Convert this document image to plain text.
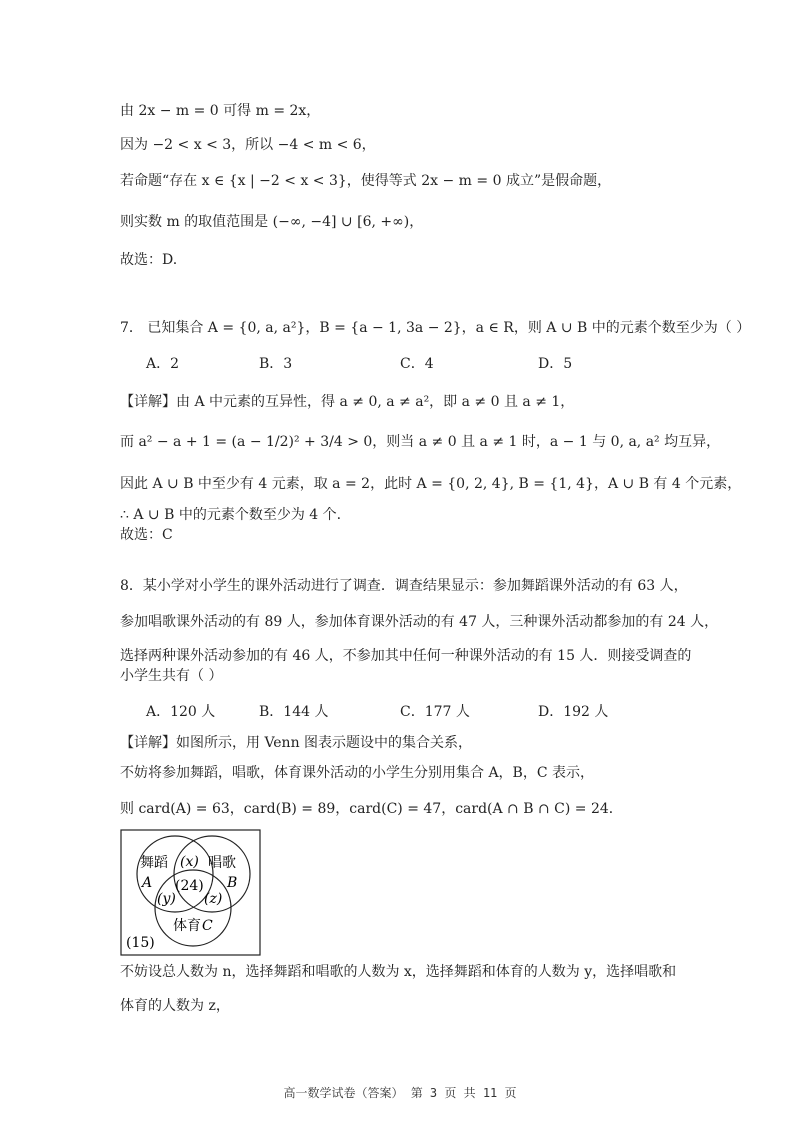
由 2x − m = 0 可得 m = 2x，
因为 −2 < x < 3，所以 −4 < m < 6，
若命题“存在 x ∈ {x | −2 < x < 3}，使得等式 2x − m = 0 成立”是假命题，
则实数 m 的取值范围是 (−∞, −4] ∪ [6, +∞)，
故选：D.
7． 已知集合 A = {0, a, a²}，B = {a − 1, 3a − 2}，a ∈ R，则 A ∪ B 中的元素个数至少为（ ）
A．2	B．3	C．4	D．5
【详解】由 A 中元素的互异性，得 a ≠ 0, a ≠ a²，即 a ≠ 0 且 a ≠ 1，
而 a² − a + 1 = (a − 1/2)² + 3/4 > 0，则当 a ≠ 0 且 a ≠ 1 时，a − 1 与 0, a, a² 均互异，
因此 A ∪ B 中至少有 4 元素，取 a = 2，此时 A = {0, 2, 4}, B = {1, 4}，A ∪ B 有 4 个元素，
∴ A ∪ B 中的元素个数至少为 4 个.
故选：C
8．某小学对小学生的课外活动进行了调查．调查结果显示：参加舞蹈课外活动的有 63 人，
参加唱歌课外活动的有 89 人，参加体育课外活动的有 47 人，三种课外活动都参加的有 24 人，
选择两种课外活动参加的有 46 人，不参加其中任何一种课外活动的有 15 人．则接受调查的
小学生共有（ ）
A．120 人	B．144 人	C．177 人	D．192 人
【详解】如图所示，用 Venn 图表示题设中的集合关系，
不妨将参加舞蹈，唱歌，体育课外活动的小学生分别用集合 A，B，C 表示，
则 card(A) = 63，card(B) = 89，card(C) = 47，card(A ∩ B ∩ C) = 24．
舞蹈
A
唱歌
B
(x)
(24)
(y) (z)
体育 C
(15)
不妨设总人数为 n，选择舞蹈和唱歌的人数为 x，选择舞蹈和体育的人数为 y，选择唱歌和
体育的人数为 z，
高一数学试卷（答案） 第 3 页 共 11 页
